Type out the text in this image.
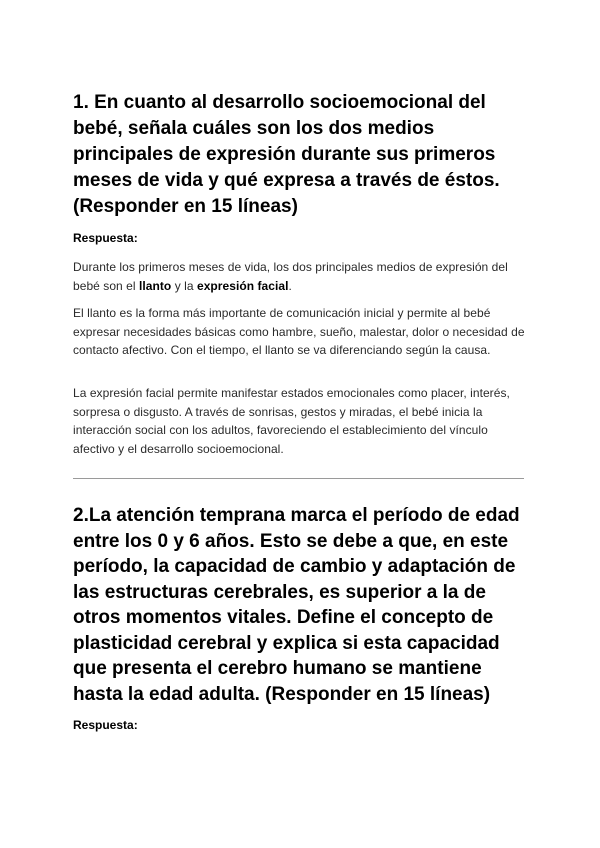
1. En cuanto al desarrollo socioemocional del bebé, señala cuáles son los dos medios principales de expresión durante sus primeros meses de vida y qué expresa a través de éstos. (Responder en 15 líneas)

Respuesta:

Durante los primeros meses de vida, los dos principales medios de expresión del bebé son el llanto y la expresión facial.

El llanto es la forma más importante de comunicación inicial y permite al bebé expresar necesidades básicas como hambre, sueño, malestar, dolor o necesidad de contacto afectivo. Con el tiempo, el llanto se va diferenciando según la causa.

La expresión facial permite manifestar estados emocionales como placer, interés, sorpresa o disgusto. A través de sonrisas, gestos y miradas, el bebé inicia la interacción social con los adultos, favoreciendo el establecimiento del vínculo afectivo y el desarrollo socioemocional.

2.La atención temprana marca el período de edad entre los 0 y 6 años. Esto se debe a que, en este período, la capacidad de cambio y adaptación de las estructuras cerebrales, es superior a la de otros momentos vitales. Define el concepto de plasticidad cerebral y explica si esta capacidad que presenta el cerebro humano se mantiene hasta la edad adulta. (Responder en 15 líneas)

Respuesta:
